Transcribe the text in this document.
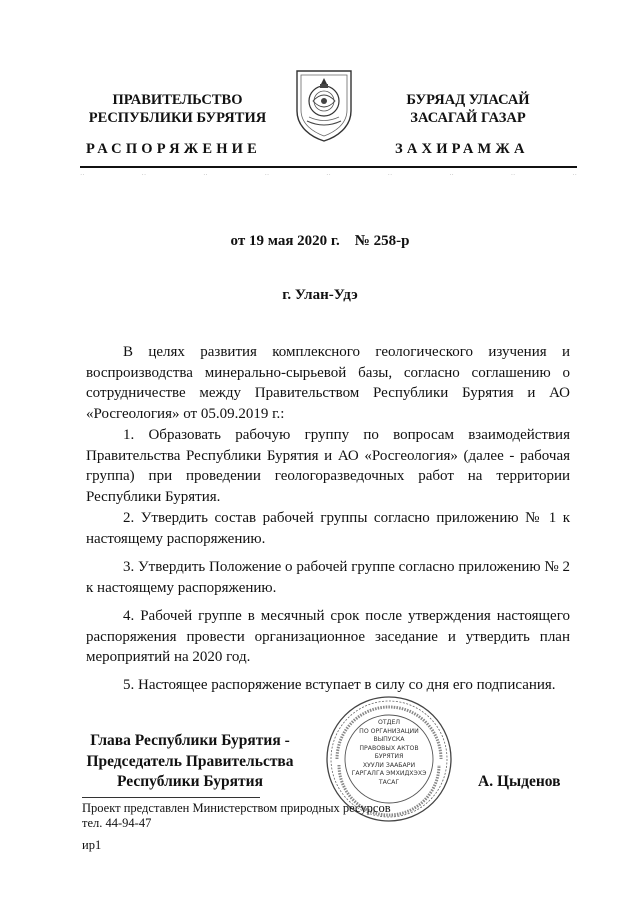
ПРАВИТЕЛЬСТВО
РЕСПУБЛИКИ БУРЯТИЯ
БУРЯАД УЛАСАЙ
ЗАСАГАЙ ГАЗАР
РАСПОРЯЖЕНИЕ	ЗАХИРАМЖА
··	··	··	··	··	··	··	··	··
от 19 мая 2020 г.    № 258-р
г. Улан-Удэ
В целях развития комплексного геологического изучения и воспроизводства минерально-сырьевой базы, согласно соглашению о сотрудничестве между Правительством Республики Бурятия и АО «Росгеология» от 05.09.2019 г.:
1. Образовать рабочую группу по вопросам взаимодействия Правительства Республики Бурятия и АО «Росгеология» (далее - рабочая группа) при проведении геологоразведочных работ на территории Республики Бурятия.
2. Утвердить состав рабочей группы согласно приложению № 1 к настоящему распоряжению.
3. Утвердить Положение о рабочей группе согласно приложению № 2 к настоящему распоряжению.
4. Рабочей группе в месячный срок после утверждения настоящего распоряжения провести организационное заседание и утвердить план мероприятий на 2020 год.
5. Настоящее распоряжение вступает в силу со дня его подписания.
Глава Республики Бурятия -
Председатель Правительства
Республики Бурятия	А. Цыденов
ОТДЕЛ
ПО ОРГАНИЗАЦИИ
ВЫПУСКА
ПРАВОВЫХ АКТОВ
БУРЯТИЯ
ХУУЛИ ЗААБАРИ
ГАРГАЛГА ЭМХИДХЭХЭ
ТАСАГ
Проект представлен Министерством природных ресурсов
тел. 44-94-47
ир1
